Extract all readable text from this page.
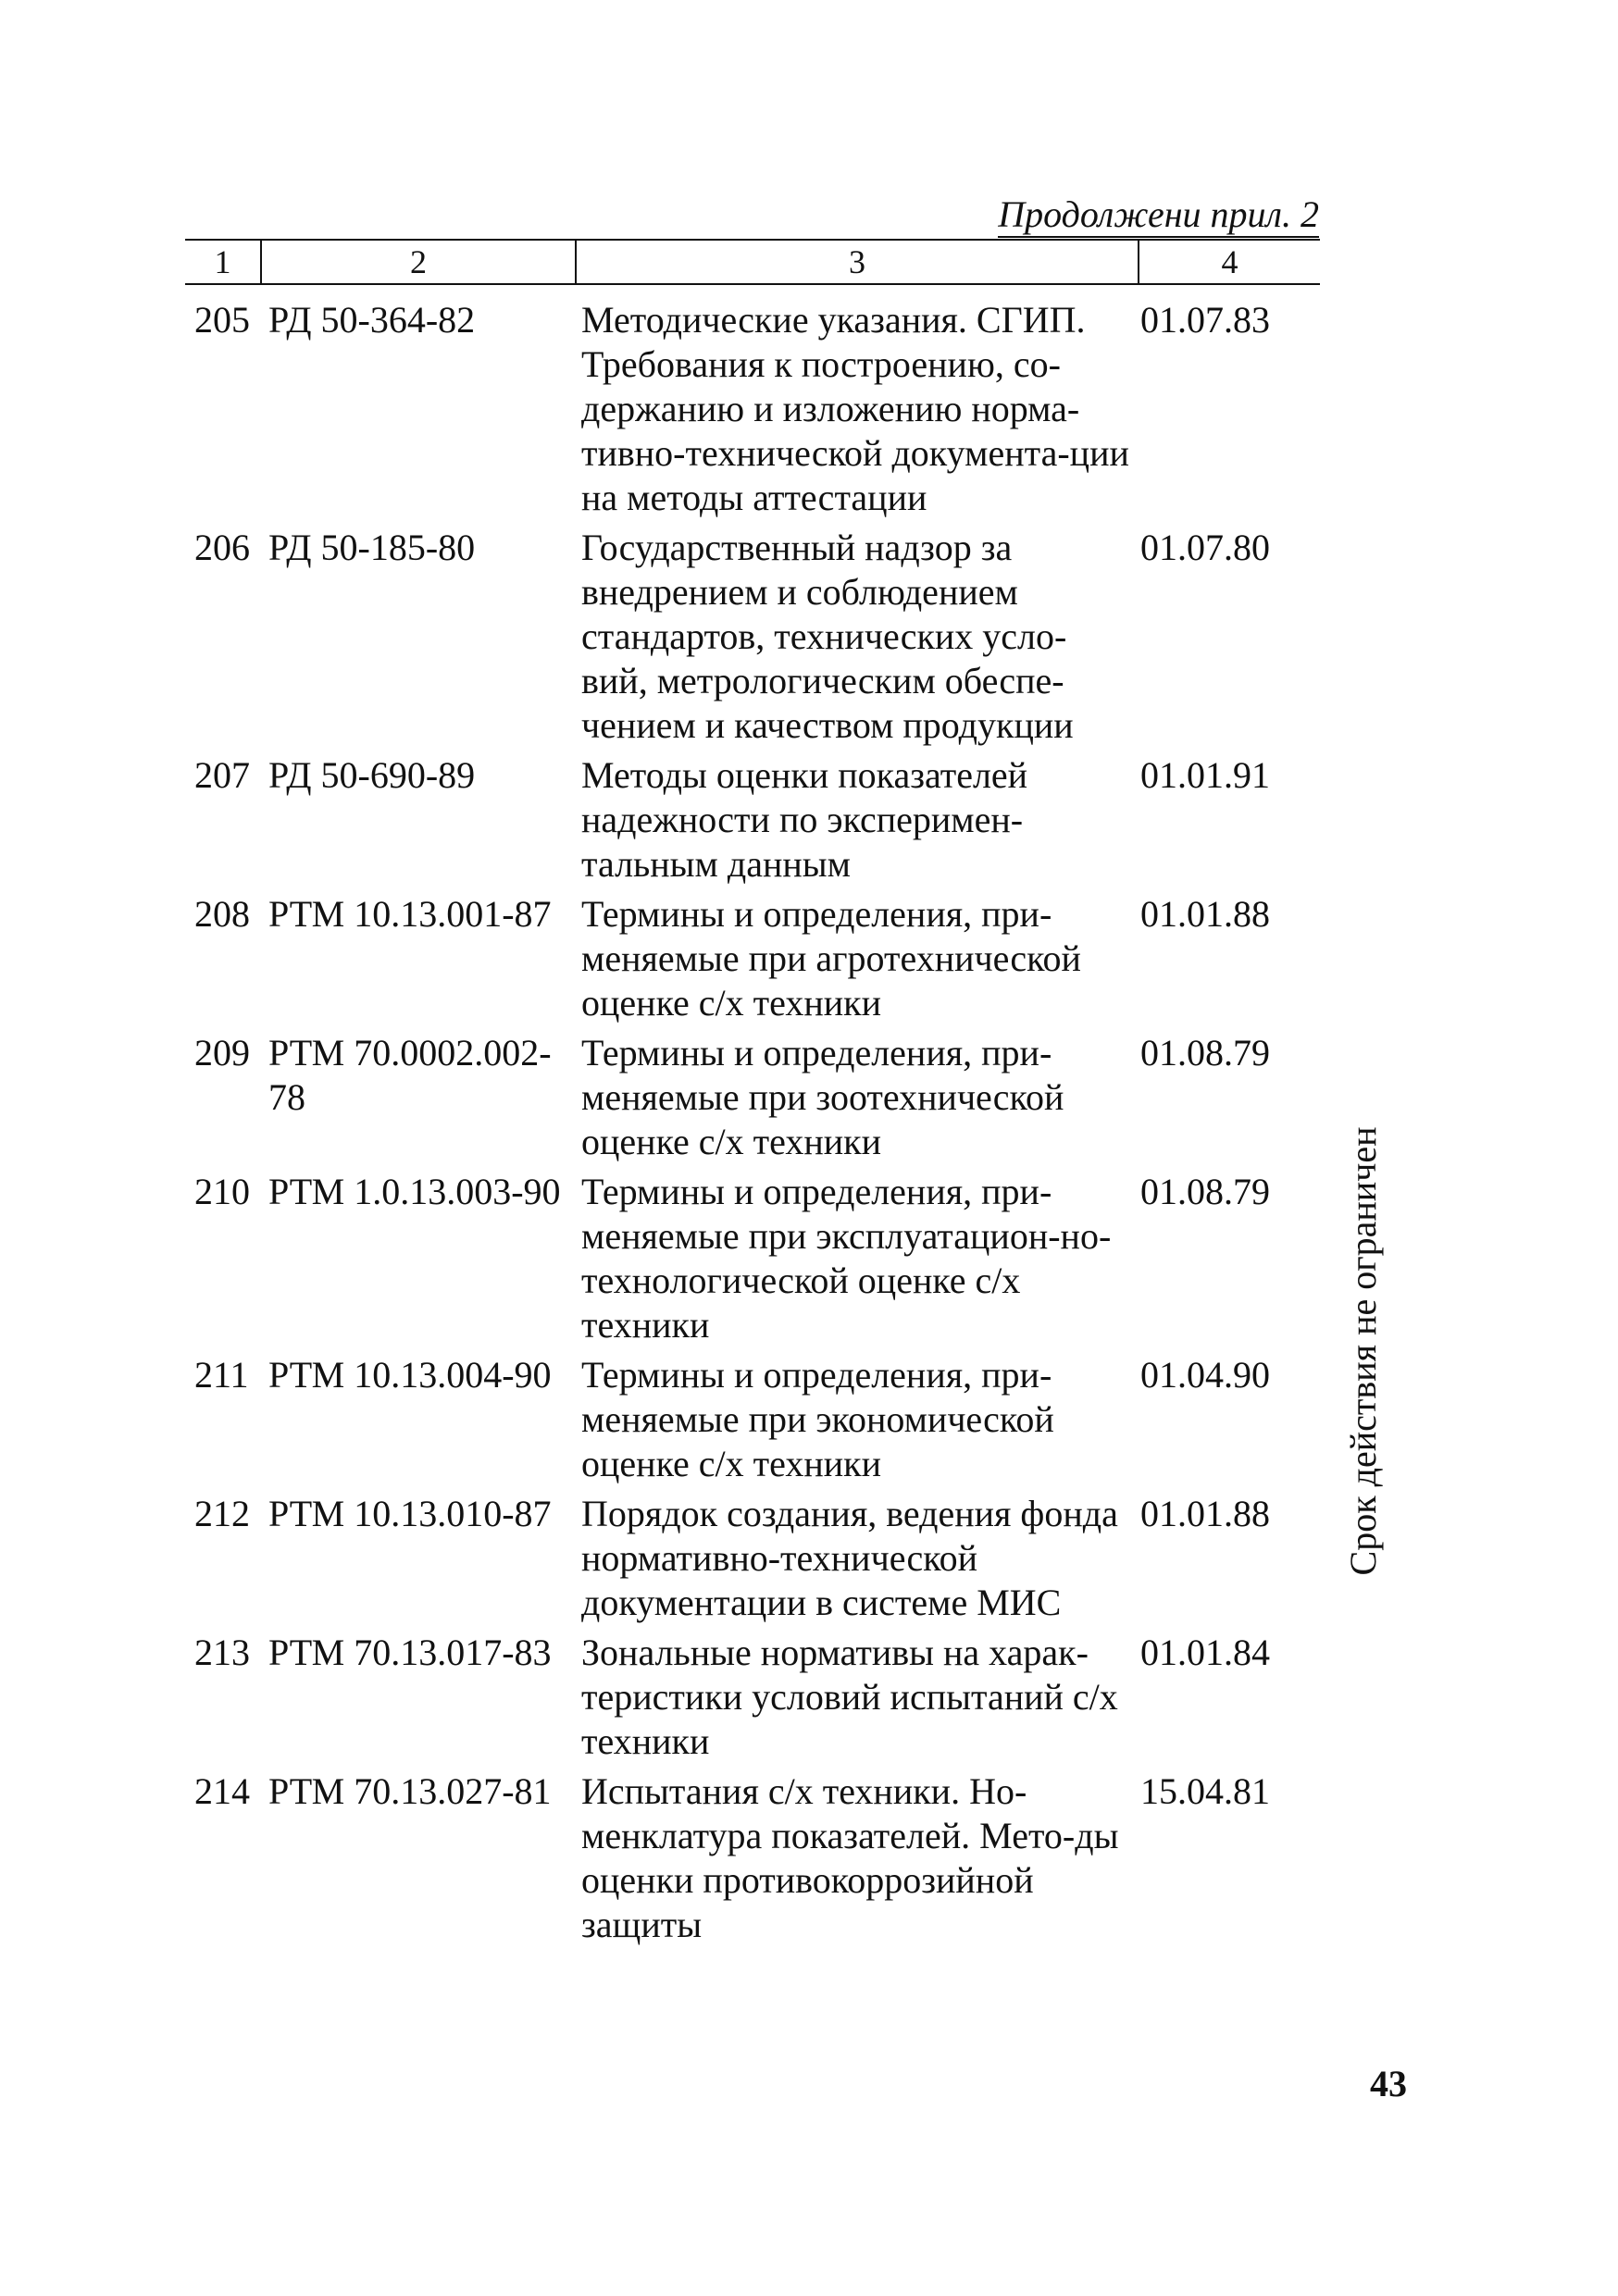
Продолжени прил. 2
1	2	3	4
205	РД 50-364-82	Методические указания. СГИП. Требования к построению, со-держанию и изложению норма-тивно-технической документа-ции на методы аттестации	01.07.83
206	РД 50-185-80	Государственный надзор за внедрением и соблюдением стандартов, технических усло-вий, метрологическим обеспе-чением и качеством продукции	01.07.80
207	РД 50-690-89	Методы оценки показателей надежности по эксперимен-тальным данным	01.01.91
208	РТМ 10.13.001-87	Термины и определения, при-меняемые при агротехнической оценке с/х техники	01.01.88
209	РТМ 70.0002.002-78	Термины и определения, при-меняемые при зоотехнической оценке с/х техники	01.08.79
210	РТМ 1.0.13.003-90	Термины и определения, при-меняемые при эксплуатацион-но-технологической оценке с/х техники	01.08.79
211	РТМ 10.13.004-90	Термины и определения, при-меняемые при экономической оценке с/х техники	01.04.90
212	РТМ 10.13.010-87	Порядок создания, ведения фонда нормативно-технической документации в системе МИС	01.01.88
213	РТМ 70.13.017-83	Зональные нормативы на харак-теристики условий испытаний с/х техники	01.01.84
214	РТМ 70.13.027-81	Испытания с/х техники. Но-менклатура показателей. Мето-ды оценки противокоррозийной защиты	15.04.81
Срок действия не ограничен
43
